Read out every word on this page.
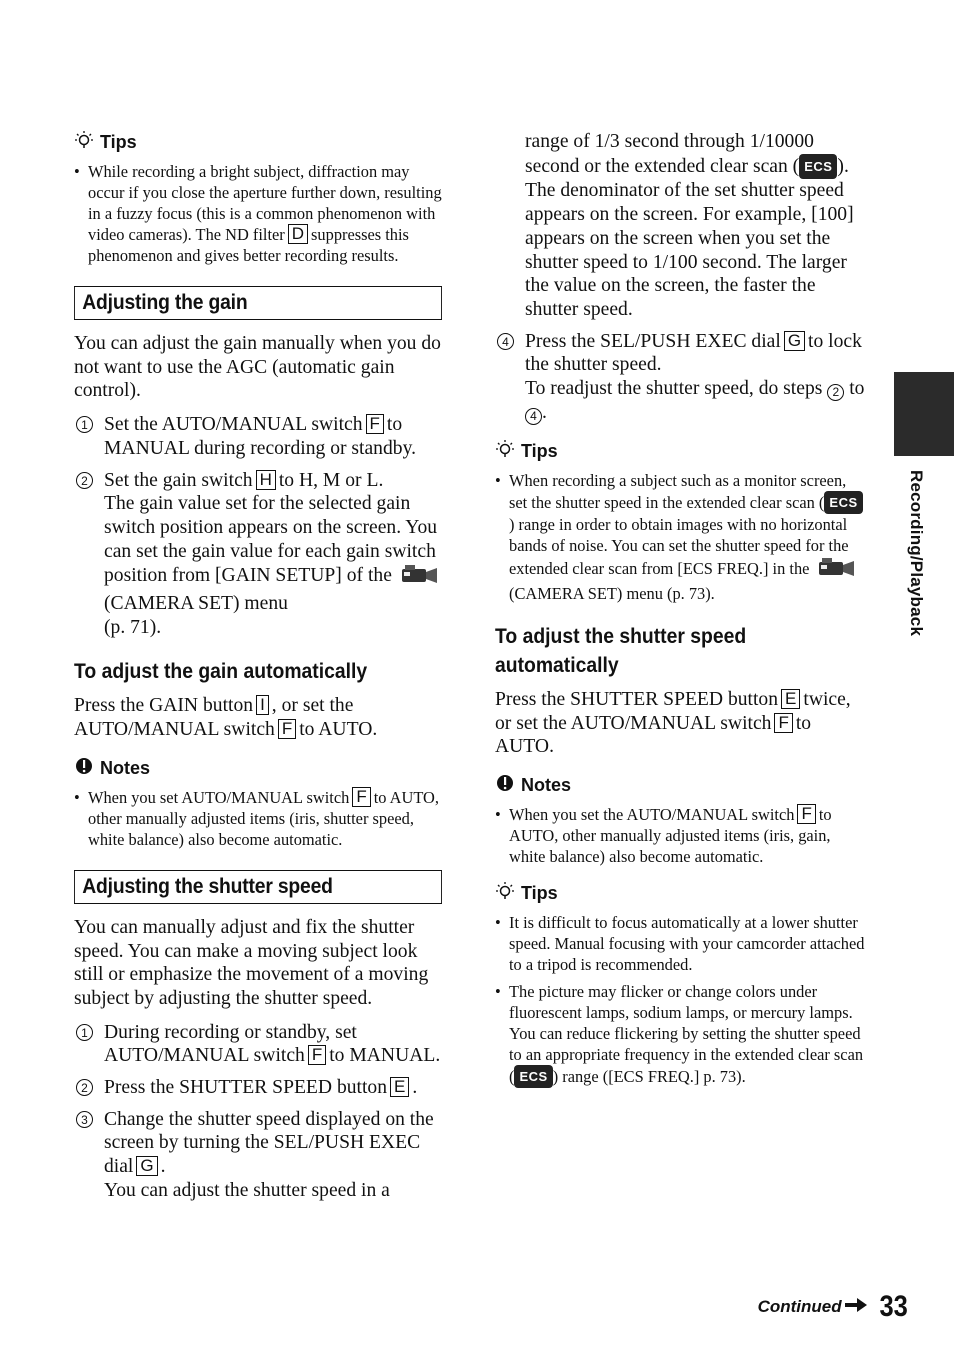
Tips
• While recording a bright subject, diffraction may occur if you close the aperture further down, resulting in a fuzzy focus (this is a common phenomenon with video cameras). The ND filter D suppresses this phenomenon and gives better recording results.
Adjusting the gain

You can adjust the gain manually when you do not want to use the AGC (automatic gain control).

1 Set the AUTO/MANUAL switch F to MANUAL during recording or standby.
2 Set the gain switch H to H, M or L.
The gain value set for the selected gain switch position appears on the screen. You can set the gain value for each gain switch position from [GAIN SETUP] of the  (CAMERA SET) menu
(p. 71).
To adjust the gain automatically

Press the GAIN button I , or set the AUTO/MANUAL switch F to AUTO.

Notes
• When you set AUTO/MANUAL switch F to AUTO, other manually adjusted items (iris, shutter speed, white balance) also become automatic.
Adjusting the shutter speed

You can manually adjust and fix the shutter speed. You can make a moving subject look still or emphasize the movement of a moving subject by adjusting the shutter speed.

1 During recording or standby, set AUTO/MANUAL switch F to MANUAL.
2 Press the SHUTTER SPEED button E .
3 Change the shutter speed displayed on the screen by turning the SEL/PUSH EXEC dial G .
You can adjust the shutter speed in a
range of 1/3 second through 1/10000 second or the extended clear scan ( ECS ).
The denominator of the set shutter speed appears on the screen. For example, [100] appears on the screen when you set the shutter speed to 1/100 second. The larger the value on the screen, the faster the shutter speed.
4 Press the SEL/PUSH EXEC dial G to lock the shutter speed.
To readjust the shutter speed, do steps 2 to 4 .
Tips
• When recording a subject such as a monitor screen, set the shutter speed in the extended clear scan ( ECS) range in order to obtain images with no horizontal bands of noise. You can set the shutter speed for the extended clear scan from [ECS FREQ.] in the  (CAMERA SET) menu (p. 73).
To adjust the shutter speed automatically

Press the SHUTTER SPEED button E twice, or set the AUTO/MANUAL switch F to AUTO.

Notes
• When you set the AUTO/MANUAL switch F to AUTO, other manually adjusted items (iris, gain, white balance) also become automatic.
Tips
• It is difficult to focus automatically at a lower shutter speed. Manual focusing with your camcorder attached to a tripod is recommended.
• The picture may flicker or change colors under fluorescent lamps, sodium lamps, or mercury lamps. You can reduce flickering by setting the shutter speed to an appropriate frequency in the extended clear scan ( ECS ) range ([ECS FREQ.] p. 73).
Recording/Playback
Continued 33
